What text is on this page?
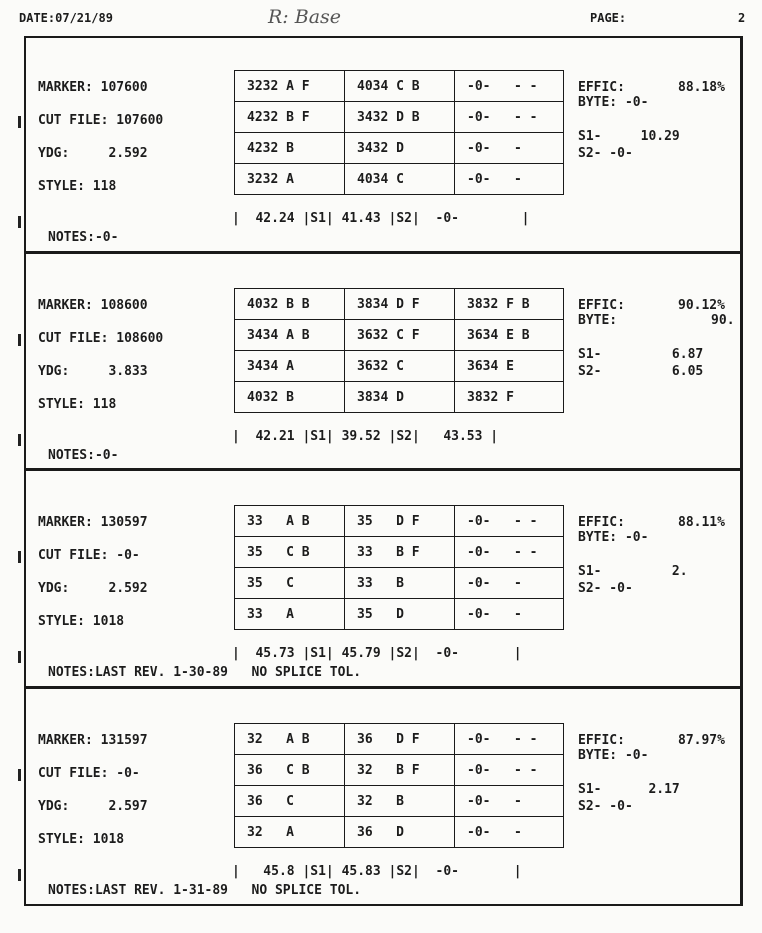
DATE:07/21/89	R: Base	PAGE:	2
MARKER: 107600
CUT FILE: 107600
YDG:     2.592
STYLE: 118
3232 A F	4034 C B	-0-   - -
4232 B F	3432 D B	-0-   - -
4232 B	3432 D	-0-   -
3232 A	4034 C	-0-   -
|  42.24 |S1| 41.43 |S2|  -0-        |
NOTES:-0-
EFFIC:	88.18%
BYTE: -0-
S1-     10.29
S2- -0-
MARKER: 108600
CUT FILE: 108600
YDG:     3.833
STYLE: 118
4032 B B	3834 D F	3832 F B
3434 A B	3632 C F	3634 E B
3434 A	3632 C	3634 E
4032 B	3834 D	3832 F
|  42.21 |S1| 39.52 |S2|   43.53 |
NOTES:-0-
EFFIC:	90.12%
BYTE:            90.
S1-         6.87
S2-         6.05
MARKER: 130597
CUT FILE: -0-
YDG:     2.592
STYLE: 1018
33   A B	35   D F	-0-   - -
35   C B	33   B F	-0-   - -
35   C	33   B	-0-   -
33   A	35   D	-0-   -
|  45.73 |S1| 45.79 |S2|  -0-       |
NOTES:LAST REV. 1-30-89   NO SPLICE TOL.
EFFIC:	88.11%
BYTE: -0-
S1-         2.
S2- -0-
MARKER: 131597
CUT FILE: -0-
YDG:     2.597
STYLE: 1018
32   A B	36   D F	-0-   - -
36   C B	32   B F	-0-   - -
36   C	32   B	-0-   -
32   A	36   D	-0-   -
|   45.8 |S1| 45.83 |S2|  -0-       |
NOTES:LAST REV. 1-31-89   NO SPLICE TOL.
EFFIC:	87.97%
BYTE: -0-
S1-      2.17
S2- -0-
